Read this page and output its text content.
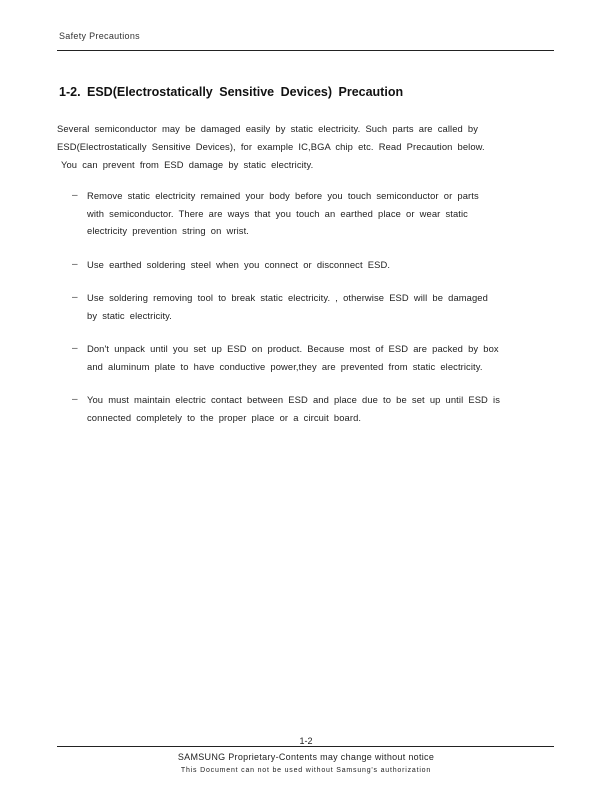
Safety Precautions
1-2. ESD(Electrostatically Sensitive Devices) Precaution
Several semiconductor may be damaged easily by static electricity. Such parts are called by
ESD(Electrostatically Sensitive Devices), for example IC,BGA chip etc. Read Precaution below.
You can prevent from ESD damage by static electricity.
– Remove static electricity remained your body before you touch semiconductor or parts
with semiconductor. There are ways that you touch an earthed place or wear static
electricity prevention string on wrist.
– Use earthed soldering steel when you connect or disconnect ESD.
– Use soldering removing tool to break static electricity. , otherwise ESD will be damaged
by static electricity.
– Don't unpack until you set up ESD on product. Because most of ESD are packed by box
and aluminum plate to have conductive power,they are prevented from static electricity.
– You must maintain electric contact between ESD and place due to be set up until ESD is
connected completely to the proper place or a circuit board.
1-2
SAMSUNG Proprietary-Contents may change without notice
This Document can not be used without Samsung's authorization
